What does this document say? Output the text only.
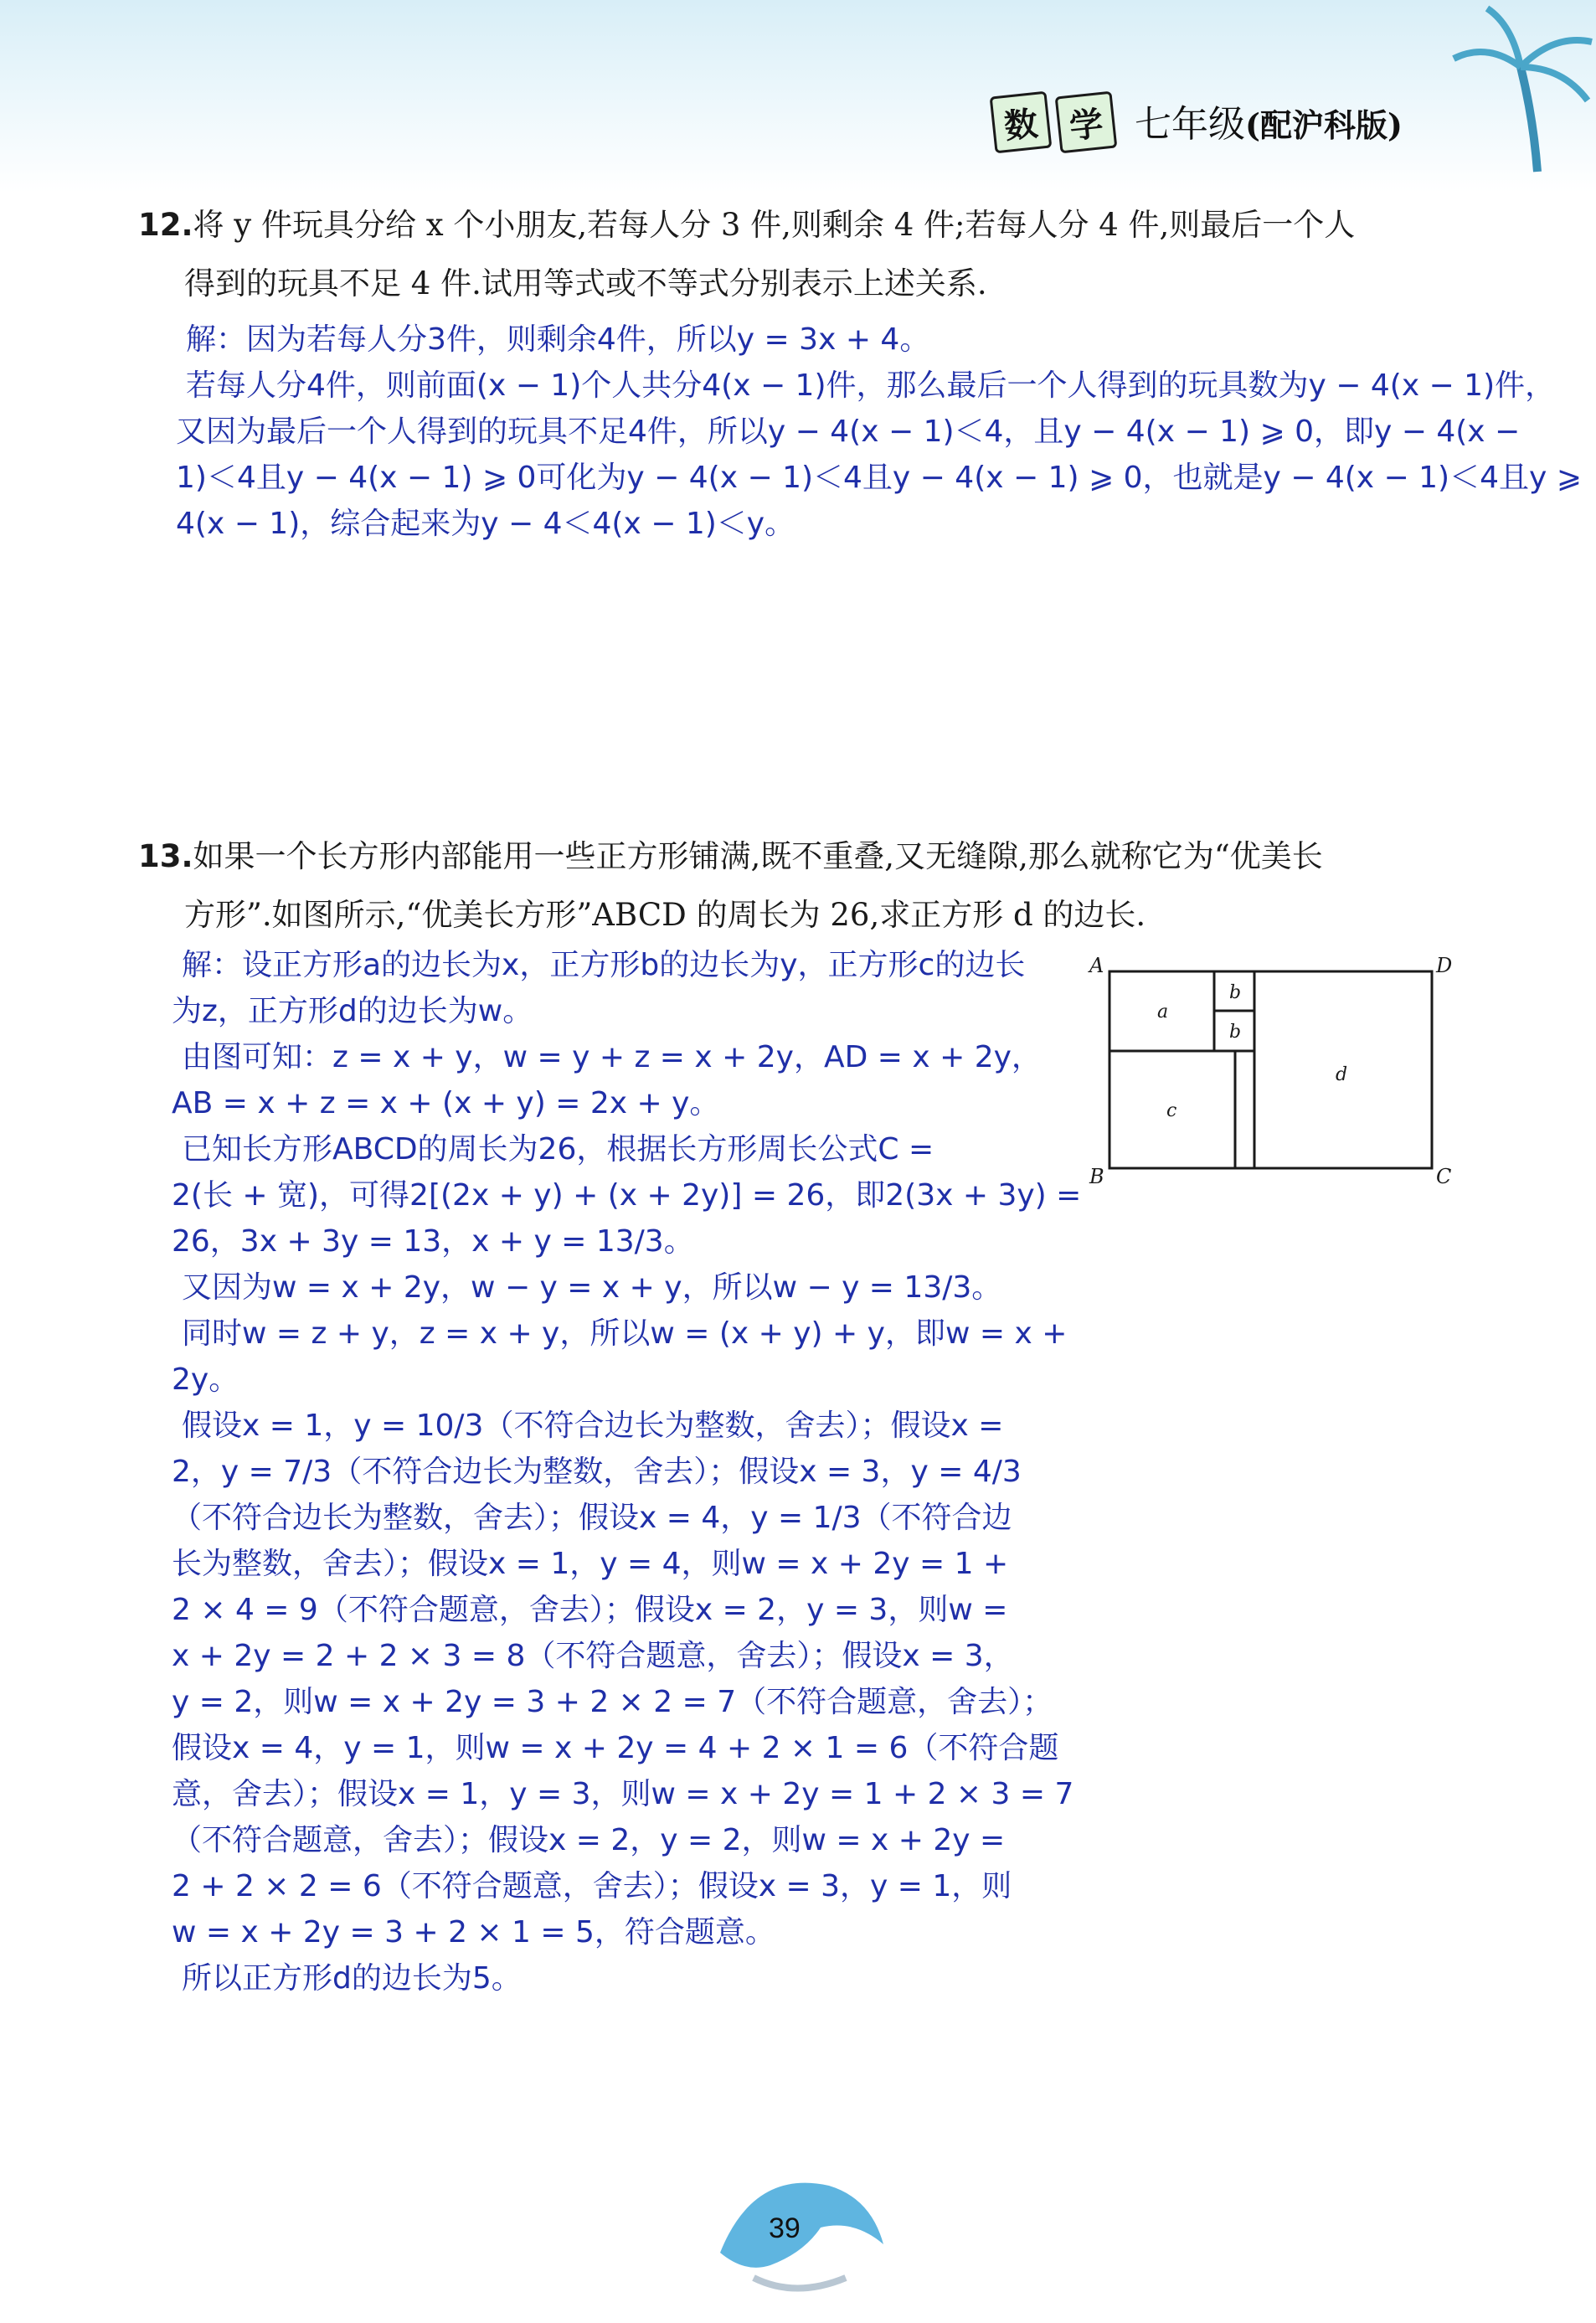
数 学 七年级(配沪科版)
12.将 y 件玩具分给 x 个小朋友,若每人分 3 件,则剩余 4 件;若每人分 4 件,则最后一个人
得到的玩具不足 4 件.试用等式或不等式分别表示上述关系.
解：因为若每人分3件，则剩余4件，所以y = 3x + 4。
若每人分4件，则前面(x − 1)个人共分4(x − 1)件，那么最后一个人得到的玩具数为y − 4(x − 1)件，
又因为最后一个人得到的玩具不足4件，所以y − 4(x − 1)＜4，且y − 4(x − 1) ⩾ 0，即y − 4(x −
1)＜4且y − 4(x − 1) ⩾ 0可化为y − 4(x − 1)＜4且y − 4(x − 1) ⩾ 0，也就是y − 4(x − 1)＜4且y ⩾
4(x − 1)，综合起来为y − 4＜4(x − 1)＜y。
13.如果一个长方形内部能用一些正方形铺满,既不重叠,又无缝隙,那么就称它为“优美长
方形”.如图所示,“优美长方形”ABCD 的周长为 26,求正方形 d 的边长.
解：设正方形a的边长为x，正方形b的边长为y，正方形c的边长
为z，正方形d的边长为w。
由图可知：z = x + y，w = y + z = x + 2y，AD = x + 2y，
AB = x + z = x + (x + y) = 2x + y。
已知长方形ABCD的周长为26，根据长方形周长公式C =
2(长 + 宽)，可得2[(2x + y) + (x + 2y)] = 26，即2(3x + 3y) =
26，3x + 3y = 13，x + y = 13/3。
又因为w = x + 2y，w − y = x + y，所以w − y = 13/3。
同时w = z + y，z = x + y，所以w = (x + y) + y，即w = x +
2y。
假设x = 1，y = 10/3（不符合边长为整数，舍去）；假设x =
2，y = 7/3（不符合边长为整数，舍去）；假设x = 3，y = 4/3
（不符合边长为整数，舍去）；假设x = 4，y = 1/3（不符合边
长为整数，舍去）；假设x = 1，y = 4，则w = x + 2y = 1 +
2 × 4 = 9（不符合题意，舍去）；假设x = 2，y = 3，则w =
x + 2y = 2 + 2 × 3 = 8（不符合题意，舍去）；假设x = 3，
y = 2，则w = x + 2y = 3 + 2 × 2 = 7（不符合题意，舍去）；
假设x = 4，y = 1，则w = x + 2y = 4 + 2 × 1 = 6（不符合题
意，舍去）；假设x = 1，y = 3，则w = x + 2y = 1 + 2 × 3 = 7
（不符合题意，舍去）；假设x = 2，y = 2，则w = x + 2y =
2 + 2 × 2 = 6（不符合题意，舍去）；假设x = 3，y = 1，则
w = x + 2y = 3 + 2 × 1 = 5，符合题意。
所以正方形d的边长为5。
A	D
B	C
a
b
b
c
d
39
